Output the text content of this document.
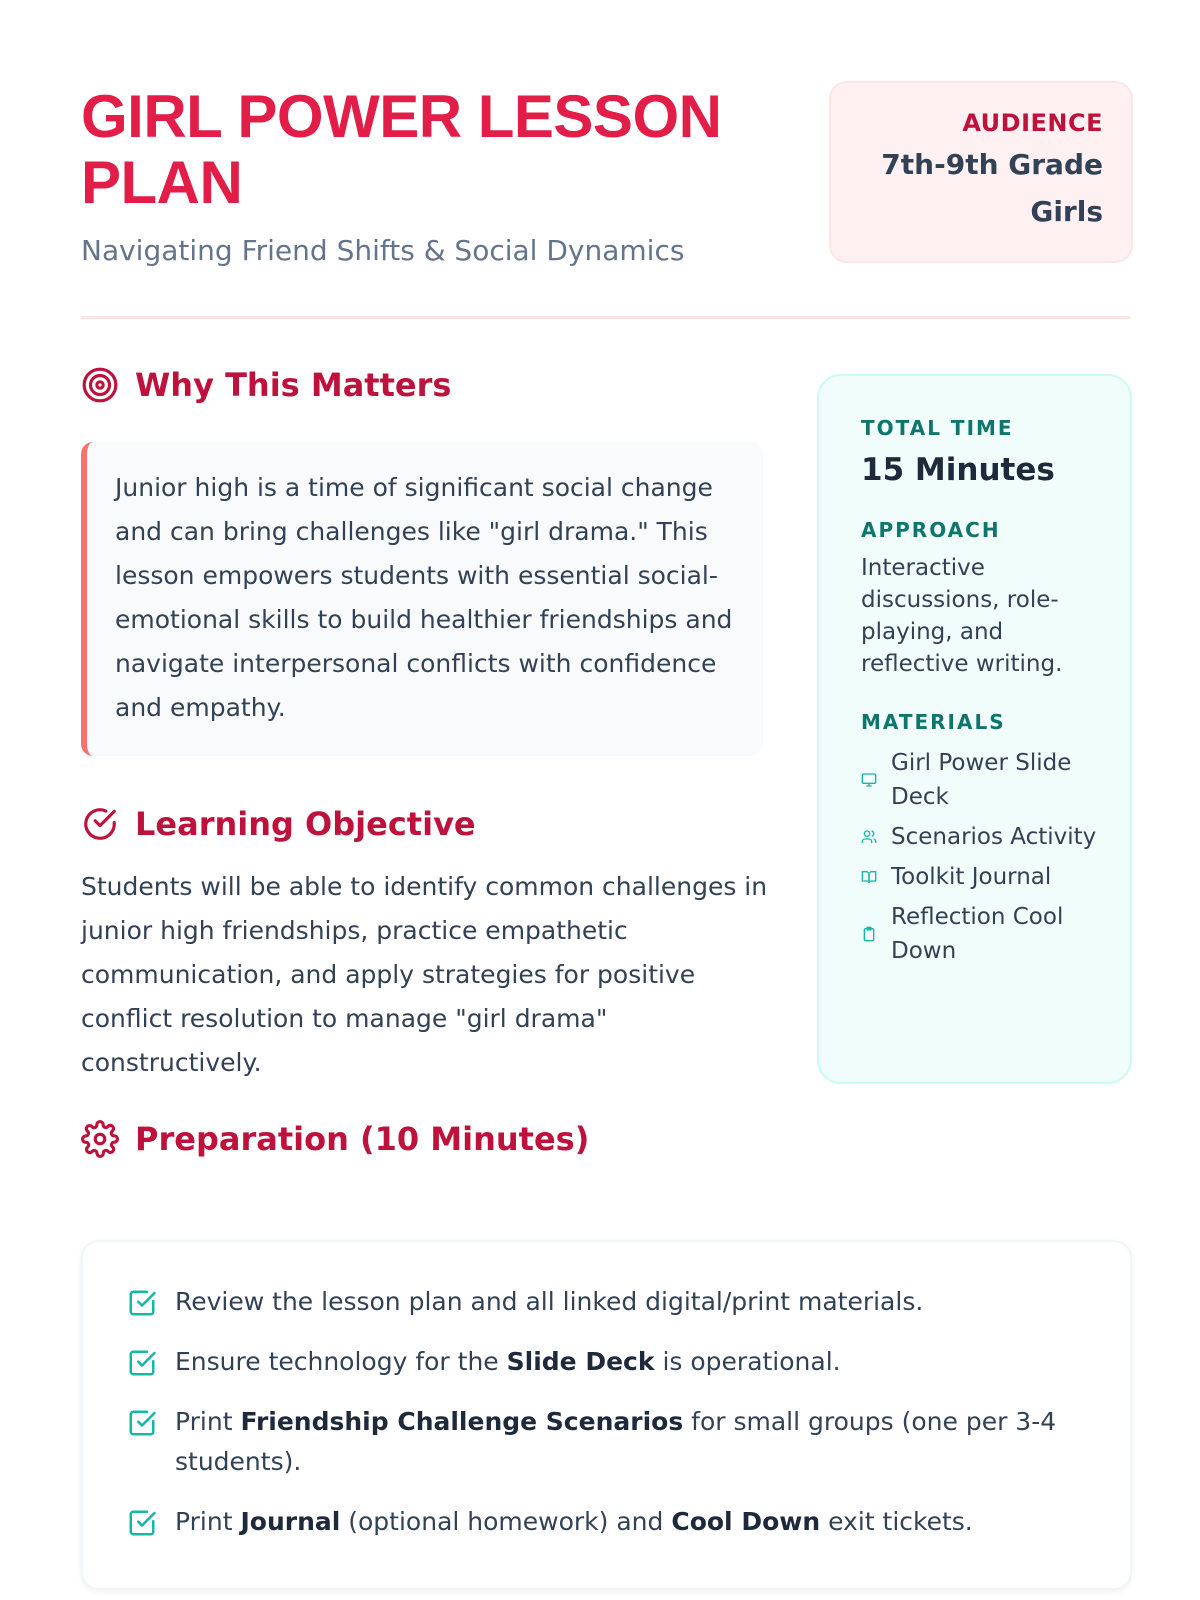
GIRL POWER LESSON PLAN
Navigating Friend Shifts & Social Dynamics
AUDIENCE
7th-9th Grade
Girls
Why This Matters
Junior high is a time of significant social change and can bring challenges like "girl drama." This lesson empowers students with essential social-emotional skills to build healthier friendships and navigate interpersonal conflicts with confidence and empathy.
Learning Objective

Students will be able to identify common challenges in junior high friendships, practice empathetic communication, and apply strategies for positive conflict resolution to manage "girl drama" constructively.

TOTAL TIME
15 Minutes
APPROACH
Interactive discussions, role-playing, and reflective writing.
MATERIALS
Girl Power Slide Deck
Scenarios Activity
Toolkit Journal
Reflection Cool Down
Preparation (10 Minutes)
Review the lesson plan and all linked digital/print materials.
Ensure technology for the Slide Deck is operational.
Print Friendship Challenge Scenarios for small groups (one per 3-4 students).
Print Journal (optional homework) and Cool Down exit tickets.
